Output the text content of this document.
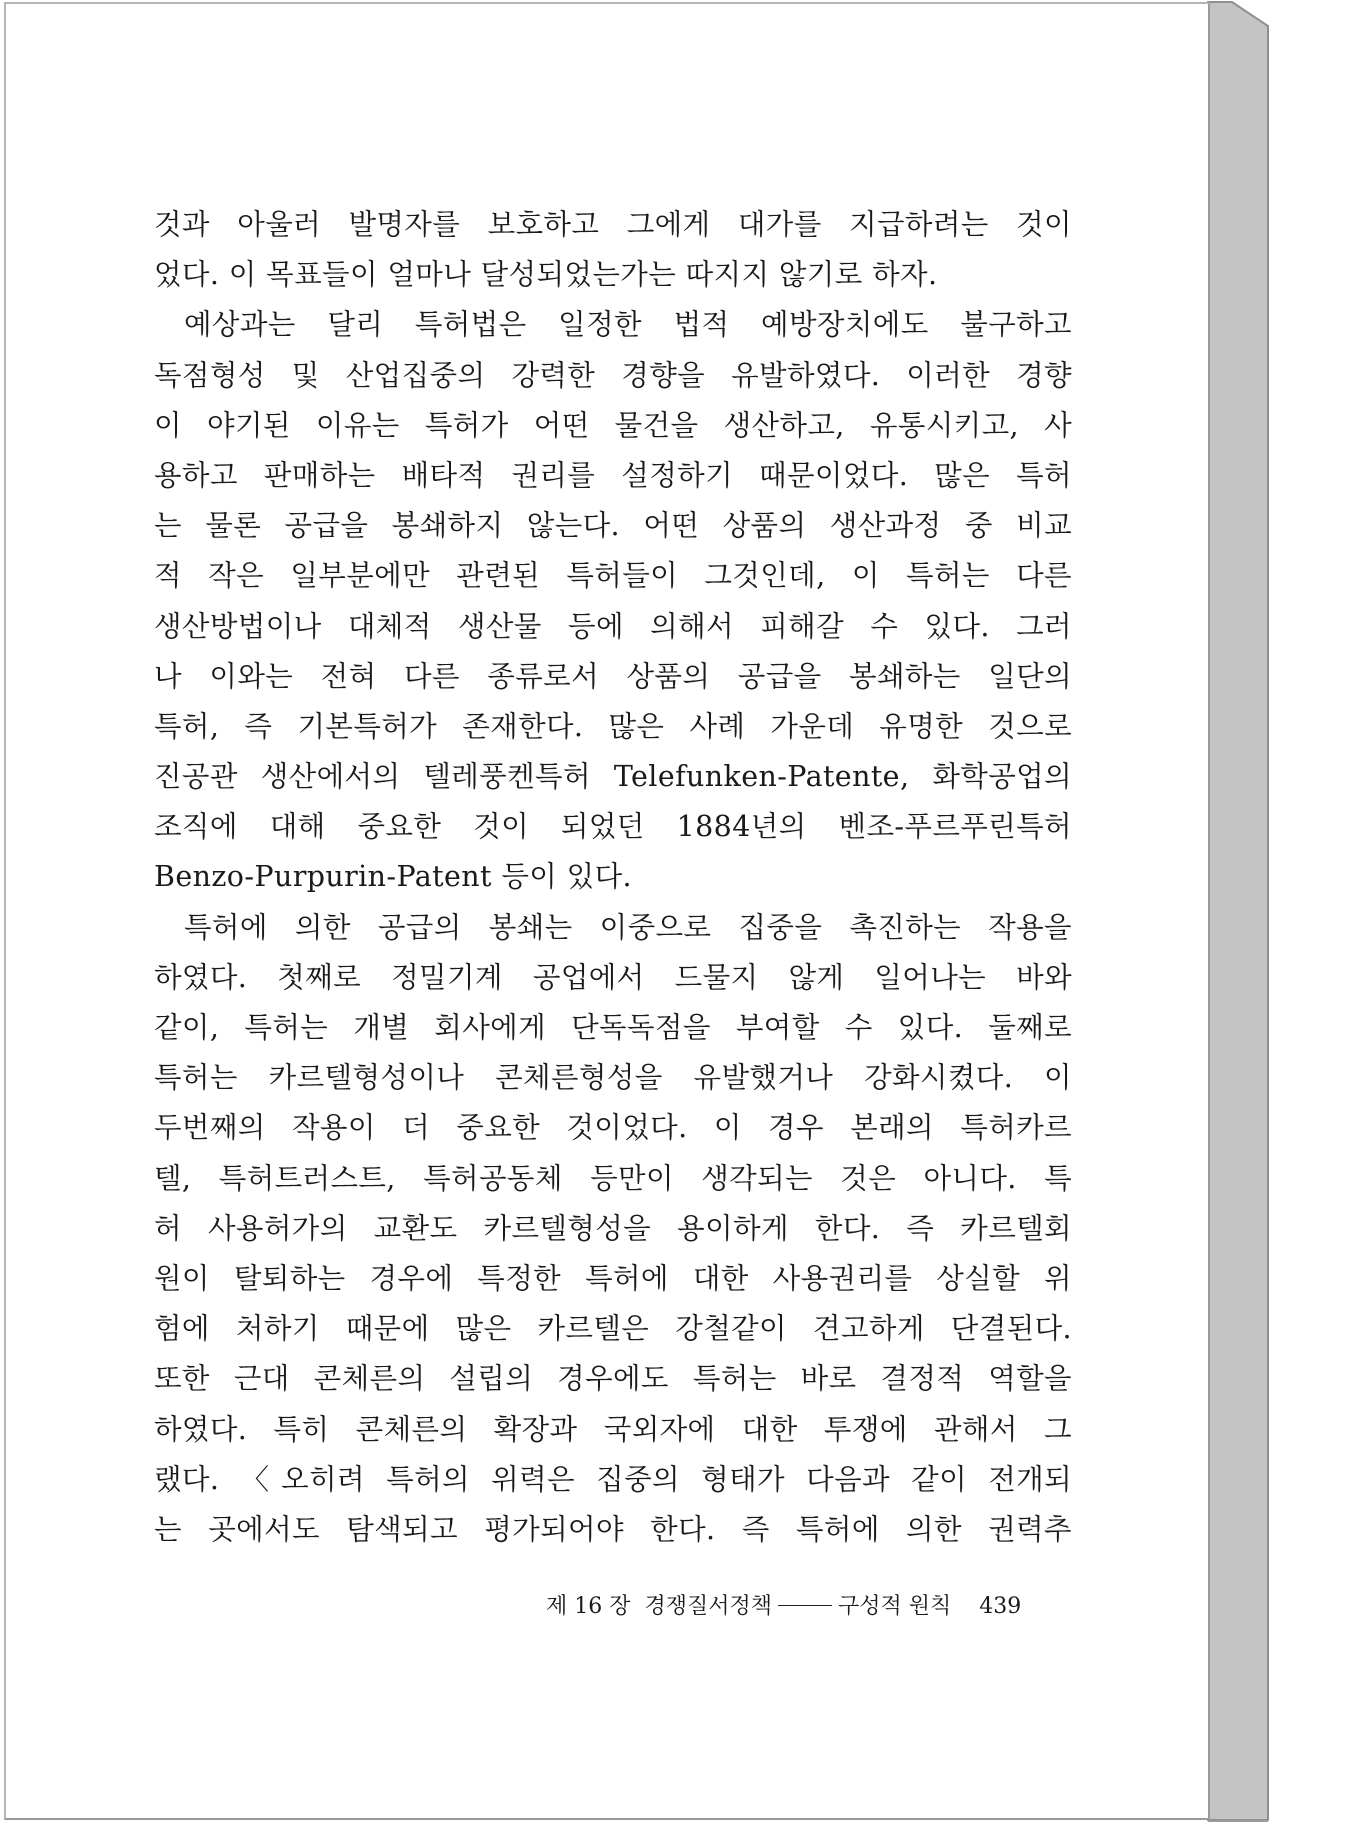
것과 아울러 발명자를 보호하고 그에게 대가를 지급하려는 것이
었다. 이 목표들이 얼마나 달성되었는가는 따지지 않기로 하자.
예상과는 달리 특허법은 일정한 법적 예방장치에도 불구하고
독점형성 및 산업집중의 강력한 경향을 유발하였다. 이러한 경향
이 야기된 이유는 특허가 어떤 물건을 생산하고, 유통시키고, 사
용하고 판매하는 배타적 권리를 설정하기 때문이었다. 많은 특허
는 물론 공급을 봉쇄하지 않는다. 어떤 상품의 생산과정 중 비교
적 작은 일부분에만 관련된 특허들이 그것인데, 이 특허는 다른
생산방법이나 대체적 생산물 등에 의해서 피해갈 수 있다. 그러
나 이와는 전혀 다른 종류로서 상품의 공급을 봉쇄하는 일단의
특허, 즉 기본특허가 존재한다. 많은 사례 가운데 유명한 것으로
진공관 생산에서의 텔레풍켄특허 Telefunken-Patente, 화학공업의
조직에 대해 중요한 것이 되었던 1884년의 벤조-푸르푸린특허
Benzo-Purpurin-Patent 등이 있다.
특허에 의한 공급의 봉쇄는 이중으로 집중을 촉진하는 작용을
하였다. 첫째로 정밀기계 공업에서 드물지 않게 일어나는 바와
같이, 특허는 개별 회사에게 단독독점을 부여할 수 있다. 둘째로
특허는 카르텔형성이나 콘체른형성을 유발했거나 강화시켰다. 이
두번째의 작용이 더 중요한 것이었다. 이 경우 본래의 특허카르
텔, 특허트러스트, 특허공동체 등만이 생각되는 것은 아니다. 특
허 사용허가의 교환도 카르텔형성을 용이하게 한다. 즉 카르텔회
원이 탈퇴하는 경우에 특정한 특허에 대한 사용권리를 상실할 위
험에 처하기 때문에 많은 카르텔은 강철같이 견고하게 단결된다.
또한 근대 콘체른의 설립의 경우에도 특허는 바로 결정적 역할을
하였다. 특히 콘체른의 확장과 국외자에 대한 투쟁에 관해서 그
랬다. 〈오히려 특허의 위력은 집중의 형태가 다음과 같이 전개되
는 곳에서도 탐색되고 평가되어야 한다. 즉 특허에 의한 권력추
제 16 장 경쟁질서정책	구성적 원칙 439
